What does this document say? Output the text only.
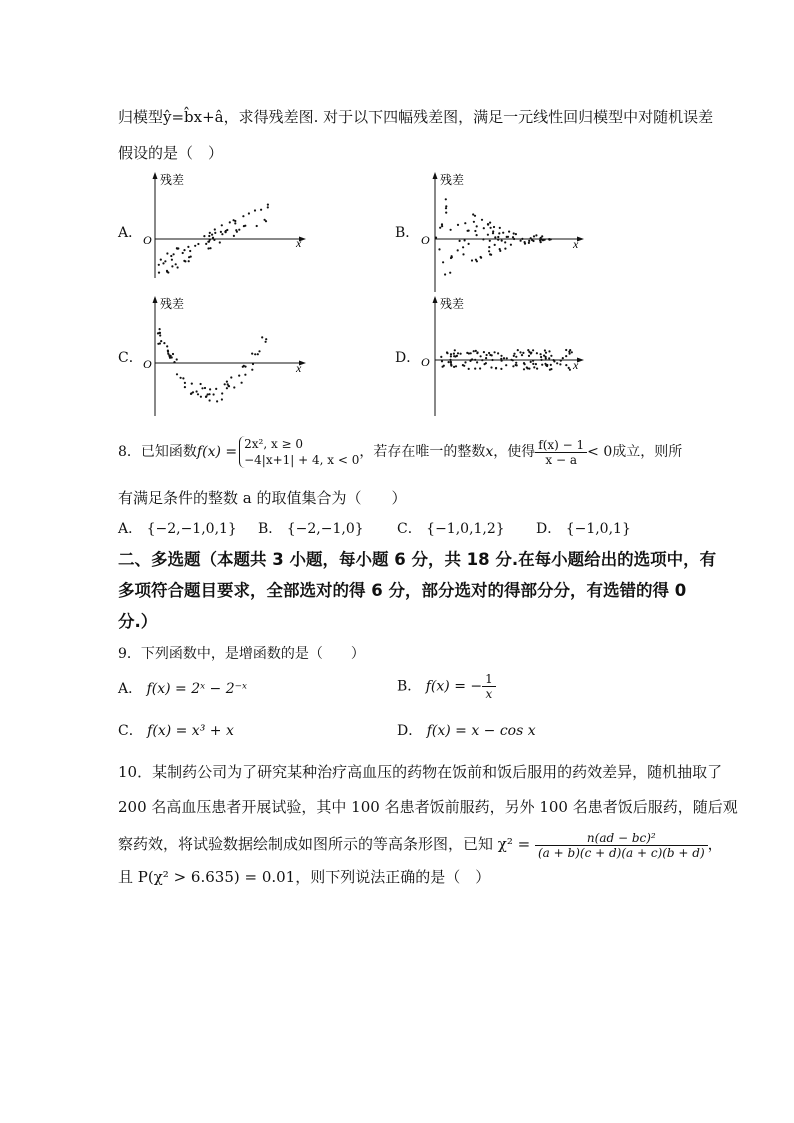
归模型ŷ=b̂x+â，求得残差图. 对于以下四幅残差图，满足一元线性回归模型中对随机误差
假设的是（　）
A．	B．
C．	D．
残差
O	x
残差
O	x
残差
O	x
残差
O	x
8．已知函数f(x) = 2x², x ≥ 0
−4|x+1| + 4, x < 0 ，若存在唯一的整数x，使得 $\frac{f(x) - 1}{x - a} < 0$成立，则所
有满足条件的整数 a 的取值集合为（　　）
A． {−2,−1,0,1} B． {−2,−1,0} C． {−1,0,1,2} D． {−1,0,1}
二、多选题（本题共 3 小题，每小题 6 分，共 18 分.在每小题给出的选项中，有
多项符合题目要求，全部选对的得 6 分，部分选对的得部分分，有选错的得 0
分.）
9．下列函数中，是增函数的是（　　）
A． f(x) = 2ˣ − 2⁻ˣ	B． f(x) = − $\frac{1}{x}$
C． f(x) = x³ + x	D． f(x) = x − cos x
10．某制药公司为了研究某种治疗高血压的药物在饭前和饭后服用的药效差异，随机抽取了
200 名高血压患者开展试验，其中 100 名患者饭前服药，另外 100 名患者饭后服药，随后观
察药效，将试验数据绘制成如图所示的等高条形图，已知 $\chi^2 = \frac{\text{n(ad − bc)²}}{(a + b)(c + d)(a + c)(b + d)}$ ，
且 P(χ² > 6.635) = 0.01，则下列说法正确的是（　）
